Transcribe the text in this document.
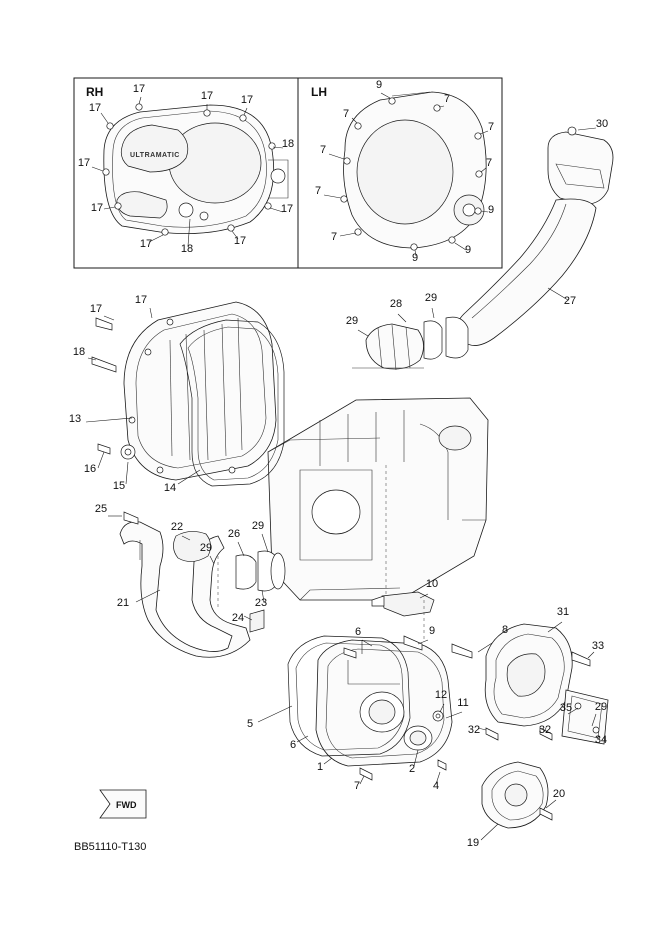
ULTRAMATIC
FWD
RH	LH
17
17	17
17
18
17
17	17
17	18
17
9
7
7
7
7
7
7
9
7
9
9
30
27
28 29
29
17
17
18
13
16
15	14
25
22
29
26
29
21	23
24
10
6	9	8
31
33
12
11	35 29
5
6
32	32
34
1	2
7	4
20
19
BB51110-T130
